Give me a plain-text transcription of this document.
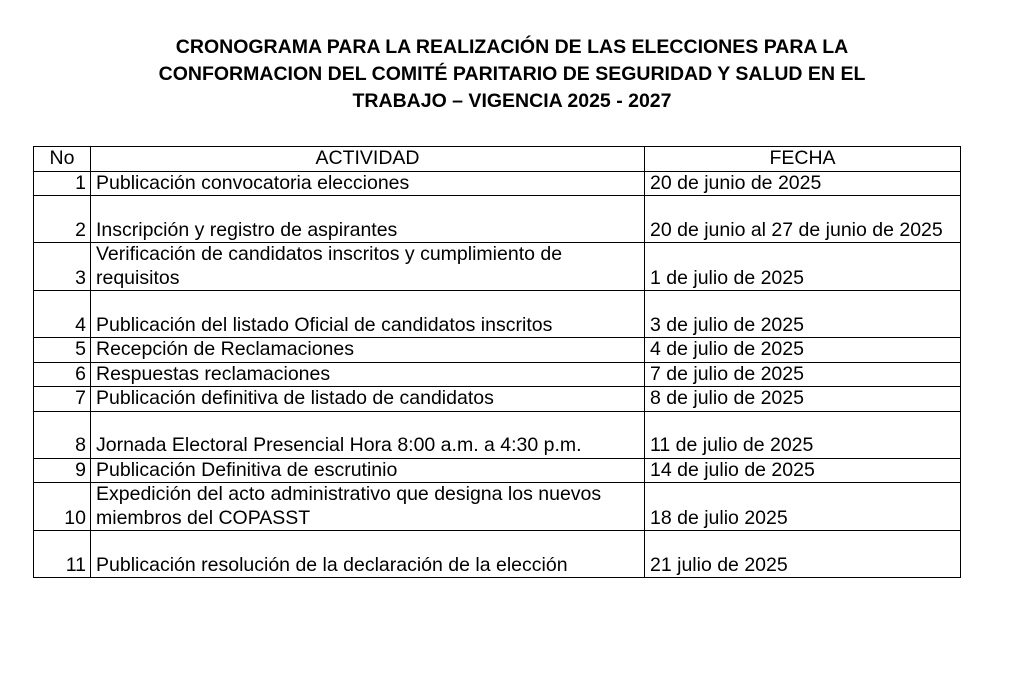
CRONOGRAMA PARA LA REALIZACIÓN DE LAS ELECCIONES PARA LA
CONFORMACION DEL COMITÉ PARITARIO DE SEGURIDAD Y SALUD EN EL
TRABAJO – VIGENCIA 2025 - 2027
No	ACTIVIDAD	FECHA
1	Publicación convocatoria elecciones	20 de junio de 2025
2	Inscripción y registro de aspirantes	20 de junio al 27 de junio de 2025
3	Verificación de candidatos inscritos y cumplimiento de requisitos	1 de julio de 2025
4	Publicación del listado Oficial de candidatos inscritos	3 de julio de 2025
5	Recepción de Reclamaciones	4 de julio de 2025
6	Respuestas reclamaciones	7 de julio de 2025
7	Publicación definitiva de listado de candidatos	8 de julio de 2025
8	Jornada Electoral Presencial Hora 8:00 a.m. a 4:30 p.m.	11 de julio de 2025
9	Publicación Definitiva de escrutinio	14 de julio de 2025
10	Expedición del acto administrativo que designa los nuevos miembros del COPASST	18 de julio 2025
11	Publicación resolución de la declaración de la elección	21 julio de 2025
